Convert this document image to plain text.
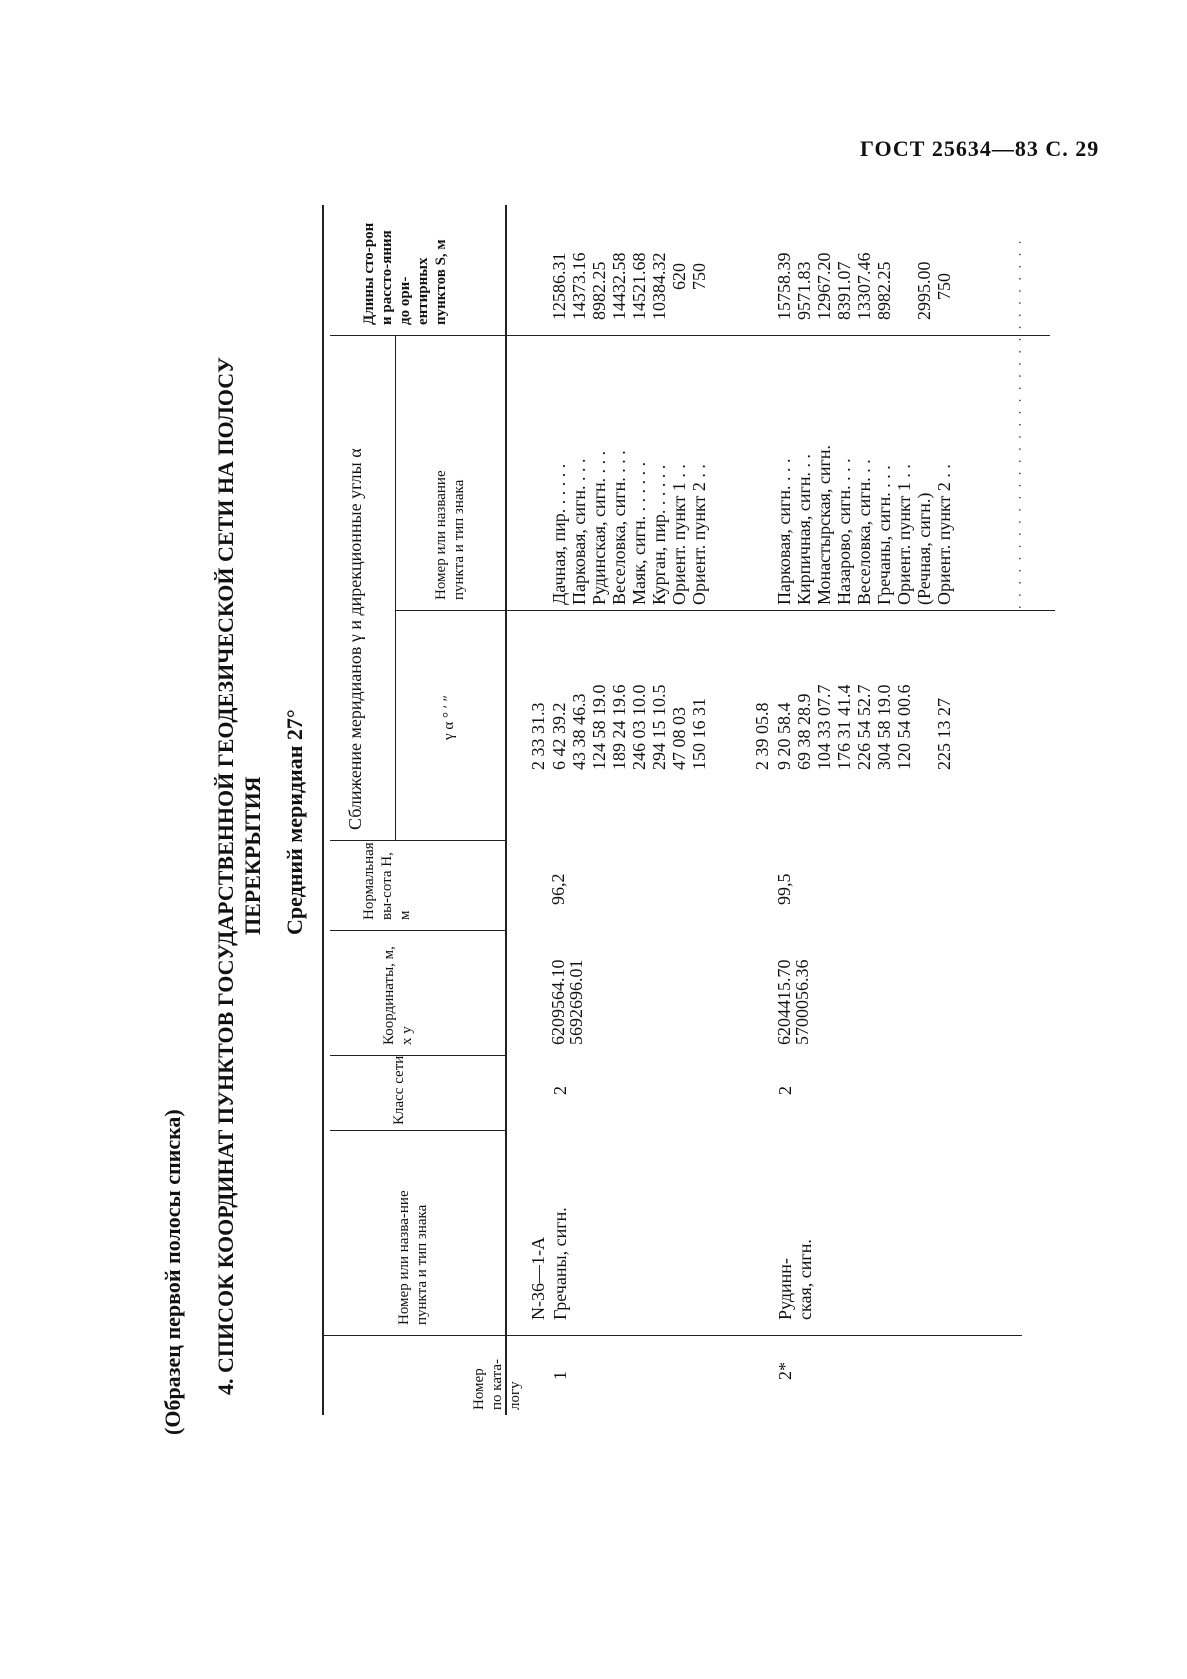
ГОСТ 25634—83 С. 29
(Образец первой полосы списка) 4. СПИСОК КООРДИНАТ ПУНКТОВ ГОСУДАРСТВЕННОЙ ГЕОДЕЗИЧЕСКОЙ СЕТИ НА ПОЛОСУ ПЕРЕКРЫТИЯ Средний меридиан 27°
Номер по ката-логу
Номер или назва-ние пункта и тип знака
Класс сети
Координаты, м, x y
Нормальная вы-сота H, м
Сближение меридианов γ и дирекционные углы α	γ α ° ′ ″
Номер или название пункта и тип знака
Длины сто-рон и рассто-яния до ори-ентирных пунктов S, м
1
N-36—1-А Гречаны, сигн.
2
6209564.10
5692696.01
96,2
2 33 31.3 6 42 39.2 43 38 46.3 124 58 19.0 189 24 19.6 246 03 10.0 294 15 10.5 47 08 03 150 16 31
Дачная, пир. . . . . . Парковая, сигн. . . . Рудинская, сигн. . . . Веселовка, сигн. . . . Маяк, сигн. . . . . . . Курган, пир. . . . . . Ориент. пункт 1 . . Ориент. пункт 2 . .
12586.31 14373.16 8982.25 14432.58 14521.68 10384.32 620 750
2*
Рудинн- ская, сигн.
2
6204415.70
5700056.36
99,5
2 39 05.8 9 20 58.4 69 38 28.9 104 33 07.7 176 31 41.4 226 54 52.7 304 58 19.0 120 54 00.6 225 13 27
Парковая, сигн. . . . Кирпичная, сигн. . . Монастырская, сигн. Назарово, сигн. . . . Веселовка, сигн. . . Гречаны, сигн. . . . Ориент. пункт 1 . . (Речная, сигн.) Ориент. пункт 2 . .
15758.39 9571.83 12967.20 8391.07 13307.46 8982.25 2995.00 750	· · · · · · · · · · · · · · · · · · · · · · · · · · · · · · ·
